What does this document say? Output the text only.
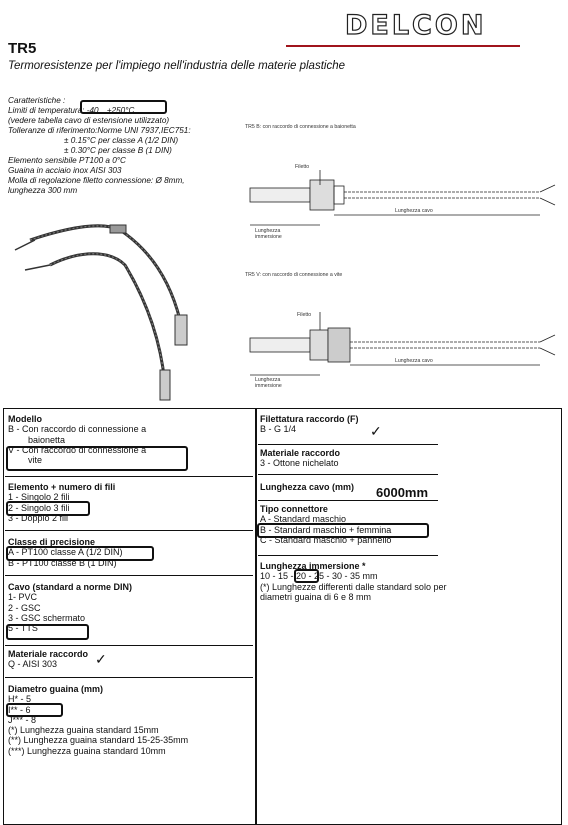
DELCON
TR5
Termoresistenze per l'impiego nell'industria delle materie plastiche
Caratteristiche :
Limiti di temperatura: -40…+250°C
(vedere tabella cavo di estensione utilizzato)
Tolleranze di riferimento:Norme UNI 7937,IEC751:
± 0.15°C per classe A (1/2 DIN)
± 0.30°C per classe B (1 DIN)
Elemento sensibile PT100 a 0°C
Guaina in acciaio inox AISI 303
Molla di regolazione filetto connessione: Ø 8mm,
lunghezza 300 mm
TR5 B: con raccordo di connessione a baionetta
Lunghezza cavo
Lunghezza immersione
Filetto
TR5 V: con raccordo di connessione a vite
Lunghezza cavo
Lunghezza immersione
Filetto
Modello
B - Con raccordo di connessione a
baionetta
V - Con raccordo di connessione a
vite
Elemento + numero di fili
1 - Singolo 2 fili
2 - Singolo 3 fili
3 - Doppio 2 fili
Classe di precisione
A - PT100 classe A (1/2 DIN)
B - PT100 classe B (1 DIN)
Cavo (standard a norme DIN)
1- PVC
2 - GSC
3 - GSC schermato
5 - TTS
Materiale raccordo
Q - AISI 303	✓
Diametro guaina (mm)
H* - 5
I** - 6
J*** - 8
(*) Lunghezza guaina standard 15mm
(**) Lunghezza guaina standard 15-25-35mm
(***) Lunghezza guaina standard 10mm
Filettatura raccordo (F)
B - G 1/4	✓
Materiale raccordo
3 - Ottone nichelato
Lunghezza cavo (mm) 6000mm
Tipo connettore
A - Standard maschio
B - Standard maschio + femmina
C - Standard maschio + pannello
Lunghezza immersione *
10 - 15 - 20 - 25 - 30 - 35 mm
(*) Lunghezze differenti dalle standard solo per
diametri guaina di 6 e 8 mm
